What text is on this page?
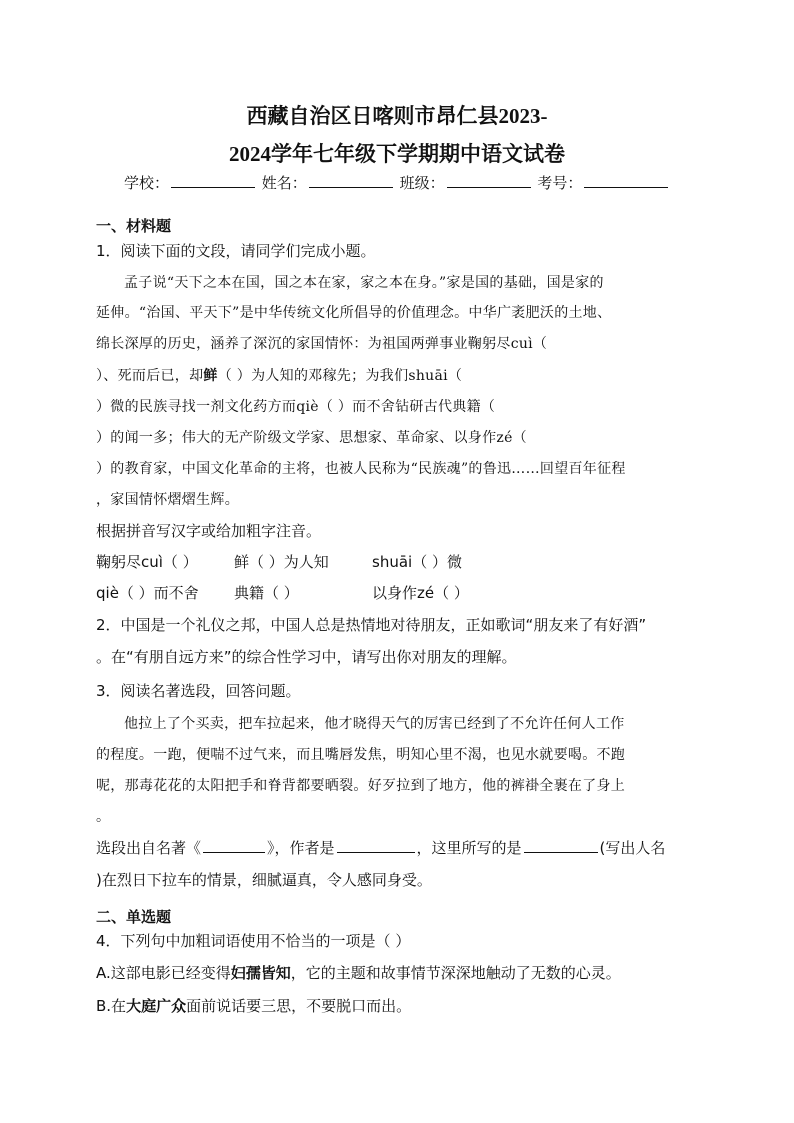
西藏自治区日喀则市昂仁县2023-
2024学年七年级下学期期中语文试卷
学校：	姓名：	班级：	考号：
一、材料题
1．阅读下面的文段，请同学们完成小题。
孟子说“天下之本在国，国之本在家，家之本在身。”家是国的基础，国是家的
延伸。“治国、平天下”是中华传统文化所倡导的价值理念。中华广袤肥沃的土地、
绵长深厚的历史，涵养了深沉的家国情怀：为祖国两弹事业鞠躬尽cuì（
）、死而后已，却鲜（ ）为人知的邓稼先；为我们shuāi（
）微的民族寻找一剂文化药方而qiè（ ）而不舍钻研古代典籍（
）的闻一多；伟大的无产阶级文学家、思想家、革命家、以身作zé（
）的教育家，中国文化革命的主将，也被人民称为“民族魂”的鲁迅……回望百年征程
，家国情怀熠熠生辉。
根据拼音写汉字或给加粗字注音。
鞠躬尽cuì（ ） 鲜（ ）为人知	shuāi（ ）微
qiè（ ）而不舍 典籍（ ）	以身作zé（ ）
2．中国是一个礼仪之邦，中国人总是热情地对待朋友，正如歌词“朋友来了有好酒”
。在“有朋自远方来”的综合性学习中，请写出你对朋友的理解。
3．阅读名著选段，回答问题。
他拉上了个买卖，把车拉起来，他才晓得天气的厉害已经到了不允许任何人工作
的程度。一跑，便喘不过气来，而且嘴唇发焦，明知心里不渴，也见水就要喝。不跑
呢，那毒花花的太阳把手和脊背都要晒裂。好歹拉到了地方，他的裤褂全裹在了身上
。
选段出自名著《	》，作者是	，这里所写的是	(写出人名
)在烈日下拉车的情景，细腻逼真，令人感同身受。
二、单选题
4．下列句中加粗词语使用不恰当的一项是（ ）
A.这部电影已经变得妇孺皆知，它的主题和故事情节深深地触动了无数的心灵。
B.在大庭广众面前说话要三思，不要脱口而出。
